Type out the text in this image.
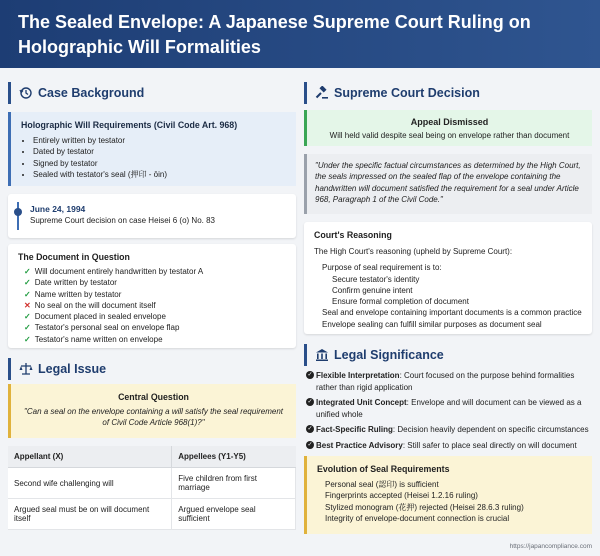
The Sealed Envelope: A Japanese Supreme Court Ruling on Holographic Will Formalities
Case Background
Holographic Will Requirements (Civil Code Art. 968)
• Entirely written by testator
• Dated by testator
• Signed by testator
• Sealed with testator's seal (押印 - ōin)
June 24, 1994
Supreme Court decision on case Heisei 6 (o) No. 83
The Document in Question
✓ Will document entirely handwritten by testator A
✓ Date written by testator
✓ Name written by testator
✕ No seal on the will document itself
✓ Document placed in sealed envelope
✓ Testator's personal seal on envelope flap
✓ Testator's name written on envelope
Legal Issue
Central Question

"Can a seal on the envelope containing a will satisfy the seal requirement of Civil Code Article 968(1)?"

Appellant (X)	Appellees (Y1-Y5)
Second wife challenging will	Five children from first marriage
Argued seal must be on will document itself	Argued envelope seal sufficient
Supreme Court Decision
Appeal Dismissed

Will held valid despite seal being on envelope rather than document

"Under the specific factual circumstances as determined by the High Court, the seals impressed on the sealed flap of the envelope containing the handwritten will document satisfied the requirement for a seal under Article 968, Paragraph 1 of the Civil Code."

Court's Reasoning
The High Court's reasoning (upheld by Supreme Court):
Purpose of seal requirement is to:
Secure testator's identity
Confirm genuine intent
Ensure formal completion of document
Seal and envelope containing important documents is a common practice
Envelope sealing can fulfill similar purposes as document seal
Legal Significance
✓ Flexible Interpretation: Court focused on the purpose behind formalities rather than rigid application
✓ Integrated Unit Concept: Envelope and will document can be viewed as a unified whole
✓ Fact-Specific Ruling: Decision heavily dependent on specific circumstances
✓ Best Practice Advisory: Still safer to place seal directly on will document
Evolution of Seal Requirements
Personal seal (認印) is sufficient
Fingerprints accepted (Heisei 1.2.16 ruling)
Stylized monogram (花押) rejected (Heisei 28.6.3 ruling)
Integrity of envelope-document connection is crucial
https://japancompliance.com
